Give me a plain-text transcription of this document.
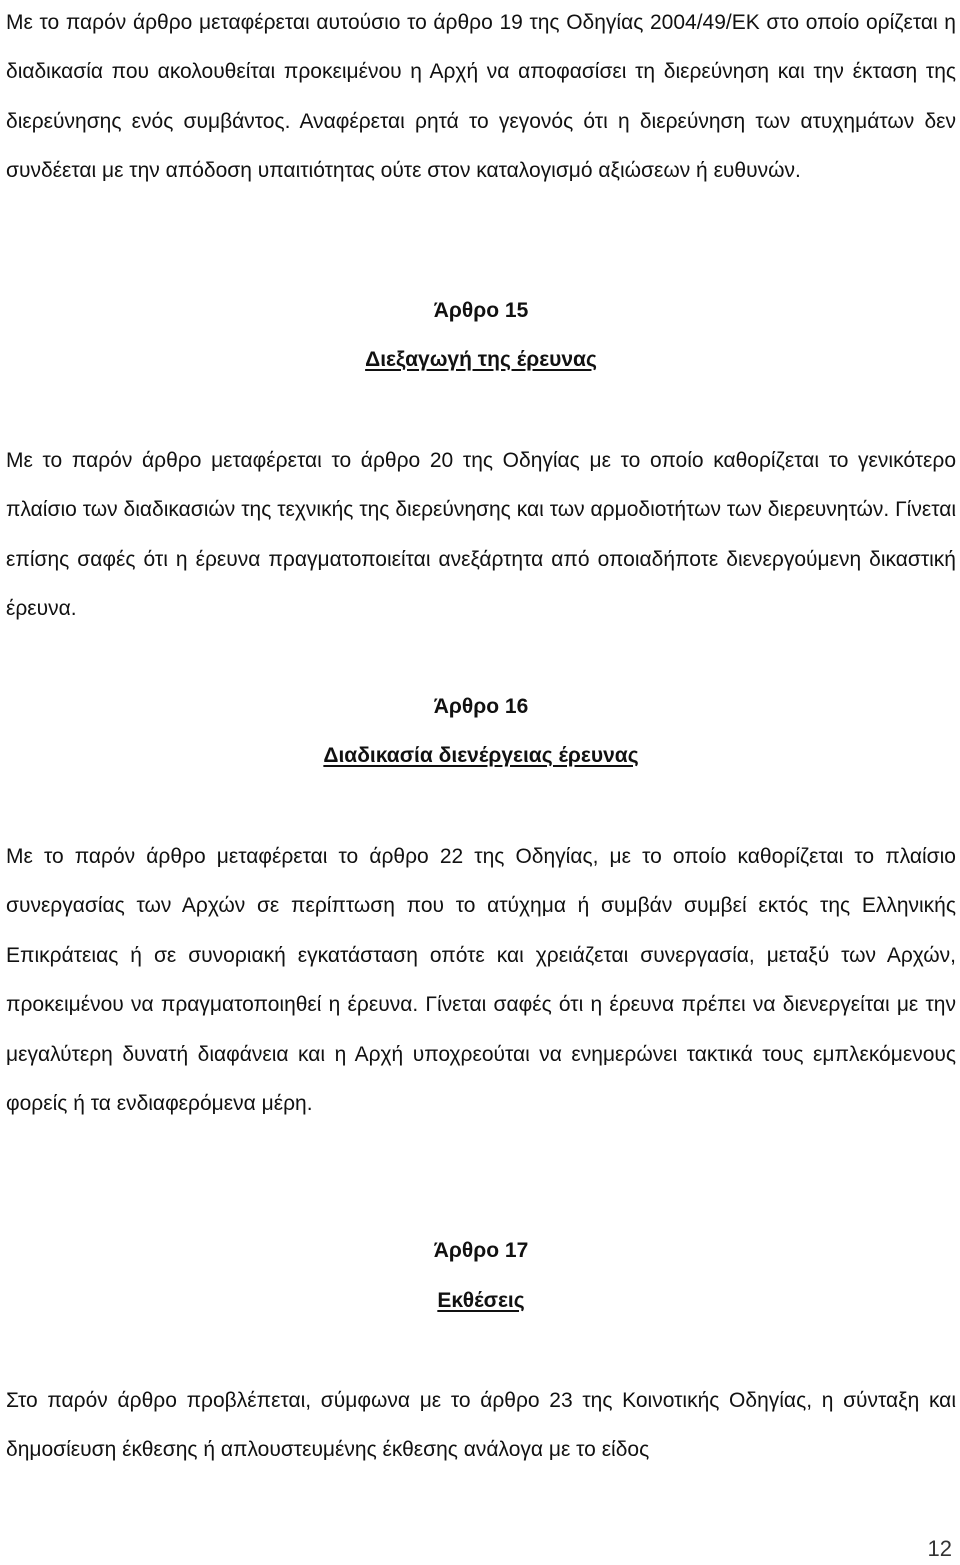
Με το παρόν άρθρο μεταφέρεται αυτούσιο το άρθρο 19 της Οδηγίας 2004/49/ΕΚ στο οποίο ορίζεται η διαδικασία που ακολουθείται προκειμένου η Αρχή να αποφασίσει τη διερεύνηση και την έκταση της διερεύνησης ενός συμβάντος. Αναφέρεται ρητά το γεγονός ότι η διερεύνηση των ατυχημάτων δεν συνδέεται με την απόδοση υπαιτιότητας ούτε στον καταλογισμό αξιώσεων ή ευθυνών.

Άρθρο 15
Διεξαγωγή της έρευνας

Με το παρόν άρθρο μεταφέρεται το άρθρο 20 της Οδηγίας με το οποίο καθορίζεται το γενικότερο πλαίσιο των διαδικασιών της τεχνικής της διερεύνησης και των αρμοδιοτήτων των διερευνητών. Γίνεται επίσης σαφές ότι η έρευνα πραγματοποιείται ανεξάρτητα από οποιαδήποτε διενεργούμενη δικαστική έρευνα.

Άρθρο 16
Διαδικασία διενέργειας έρευνας

Με το παρόν άρθρο μεταφέρεται το άρθρο 22 της Οδηγίας, με το οποίο καθορίζεται το πλαίσιο συνεργασίας των Αρχών σε περίπτωση που το ατύχημα ή συμβάν συμβεί εκτός της Ελληνικής Επικράτειας ή σε συνοριακή εγκατάσταση οπότε και χρειάζεται συνεργασία, μεταξύ των Αρχών, προκειμένου να πραγματοποιηθεί η έρευνα. Γίνεται σαφές ότι η έρευνα πρέπει να διενεργείται με την μεγαλύτερη δυνατή διαφάνεια και η Αρχή υποχρεούται να ενημερώνει τακτικά τους εμπλεκόμενους φορείς ή τα ενδιαφερόμενα μέρη.

Άρθρο 17
Εκθέσεις

Στο παρόν άρθρο προβλέπεται, σύμφωνα με το άρθρο 23 της Κοινοτικής Οδηγίας, η σύνταξη και δημοσίευση έκθεσης ή απλουστευμένης έκθεσης ανάλογα με το είδος

12
